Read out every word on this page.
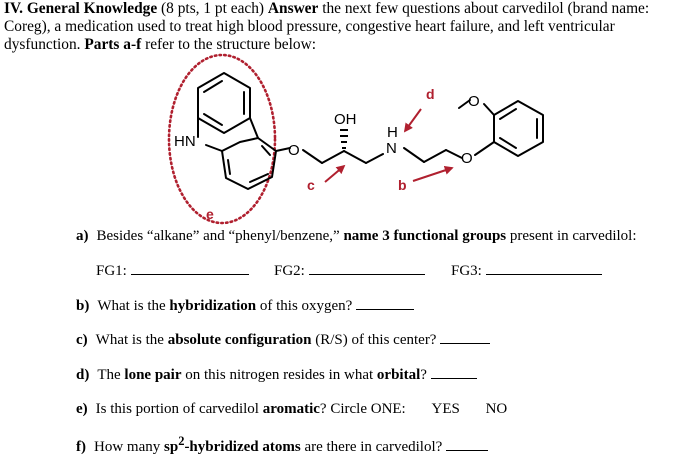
IV. General Knowledge (8 pts, 1 pt each) Answer the next few questions about carvedilol (brand name: Coreg), a medication used to treat high blood pressure, congestive heart failure, and left ventricular dysfunction. Parts a-f refer to the structure below:
HN
OH
H
N
O
O
O
c
d
b
e
a) Besides “alkane” and “phenyl/benzene,” name 3 functional groups present in carvedilol:
FG1:	FG2:	FG3:
b) What is the hybridization of this oxygen?
c) What is the absolute configuration (R/S) of this center?
d) The lone pair on this nitrogen resides in what orbital?
e) Is this portion of carvedilol aromatic? Circle ONE: YES NO
f) How many $sp^2$-hybridized atoms are there in carvedilol?
